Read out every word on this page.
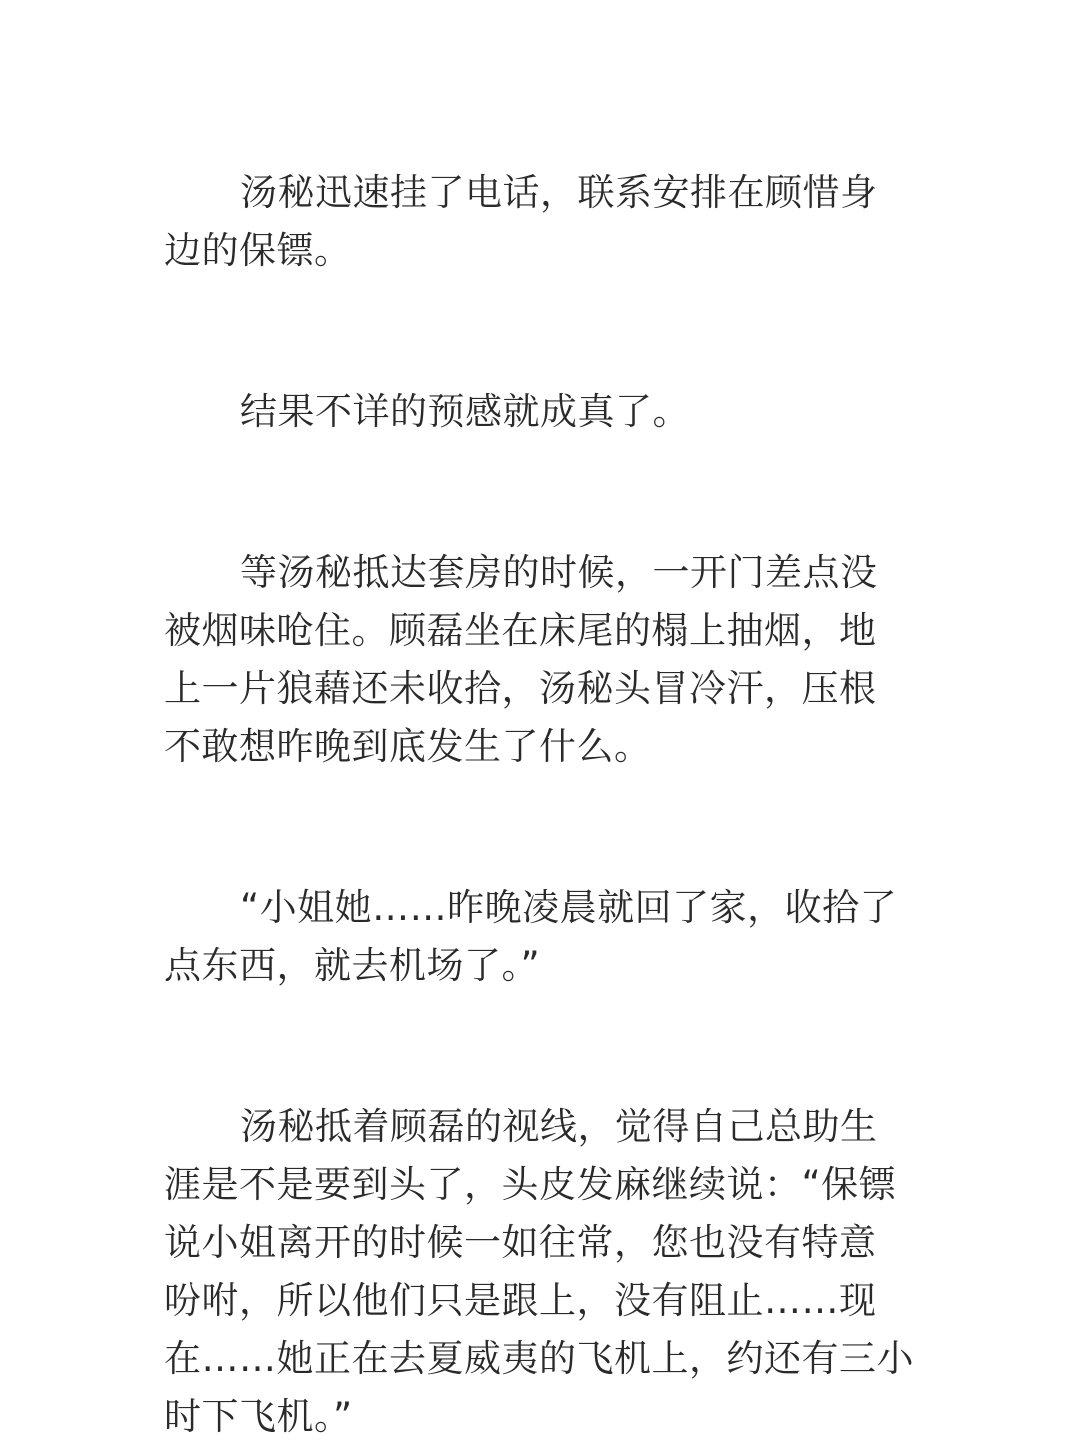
汤秘迅速挂了电话，联系安排在顾惜身
边的保镖。

结果不详的预感就成真了。

等汤秘抵达套房的时候，一开门差点没
被烟味呛住。顾磊坐在床尾的榻上抽烟，地
上一片狼藉还未收拾，汤秘头冒冷汗，压根
不敢想昨晚到底发生了什么。

“小姐她……昨晚凌晨就回了家，收拾了
点东西，就去机场了。”

汤秘抵着顾磊的视线，觉得自己总助生
涯是不是要到头了，头皮发麻继续说：“保镖
说小姐离开的时候一如往常，您也没有特意
吩咐，所以他们只是跟上，没有阻止……现
在……她正在去夏威夷的飞机上，约还有三小
时下飞机。”
